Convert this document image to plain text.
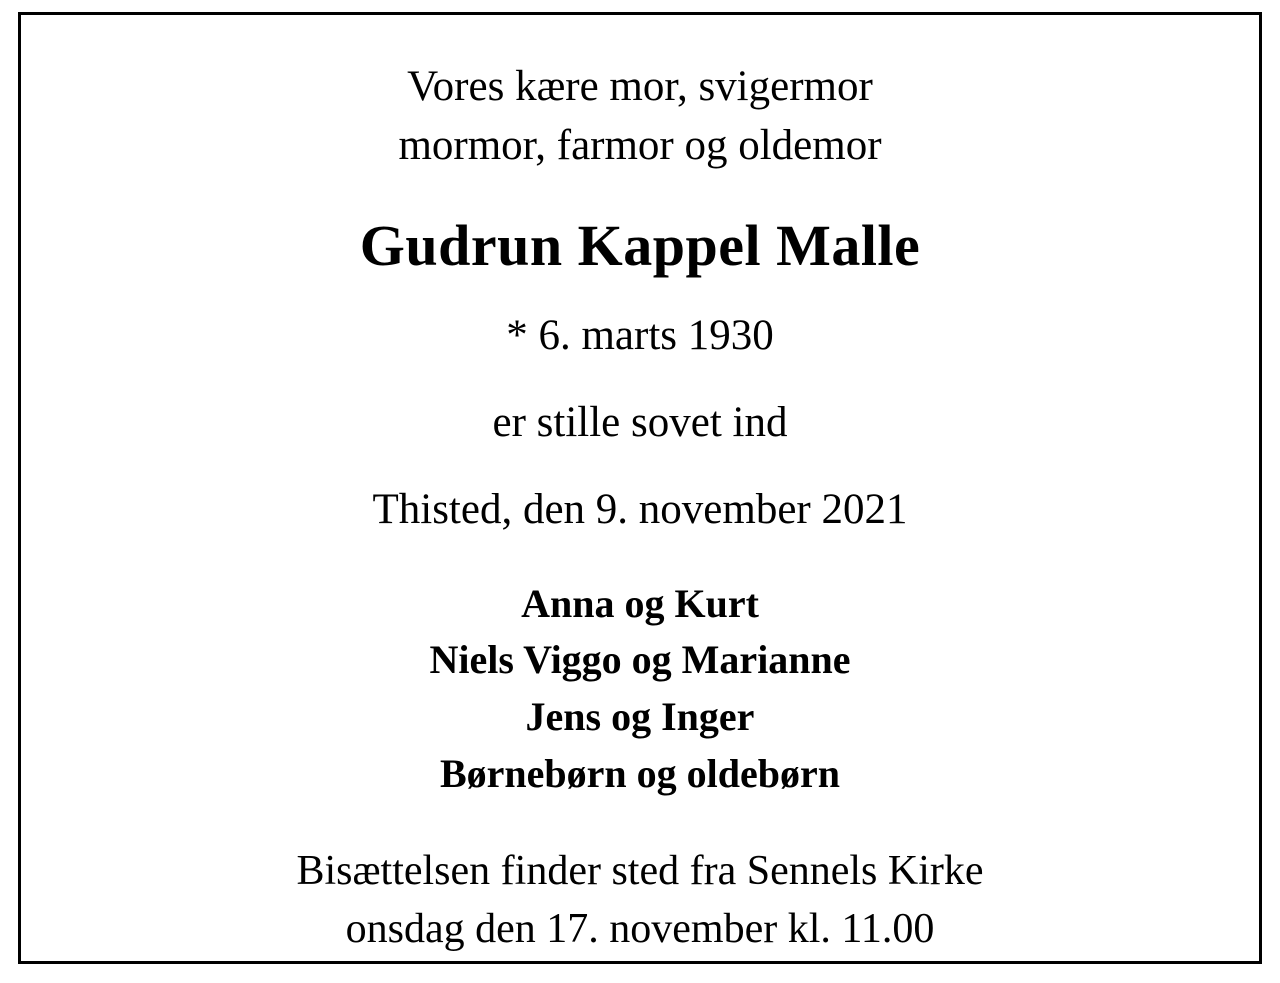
Vores kære mor, svigermor
mormor, farmor og oldemor
Gudrun Kappel Malle
* 6. marts 1930
er stille sovet ind
Thisted, den 9. november 2021
Anna og Kurt
Niels Viggo og Marianne
Jens og Inger
Børnebørn og oldebørn
Bisættelsen finder sted fra Sennels Kirke
onsdag den 17. november kl. 11.00
